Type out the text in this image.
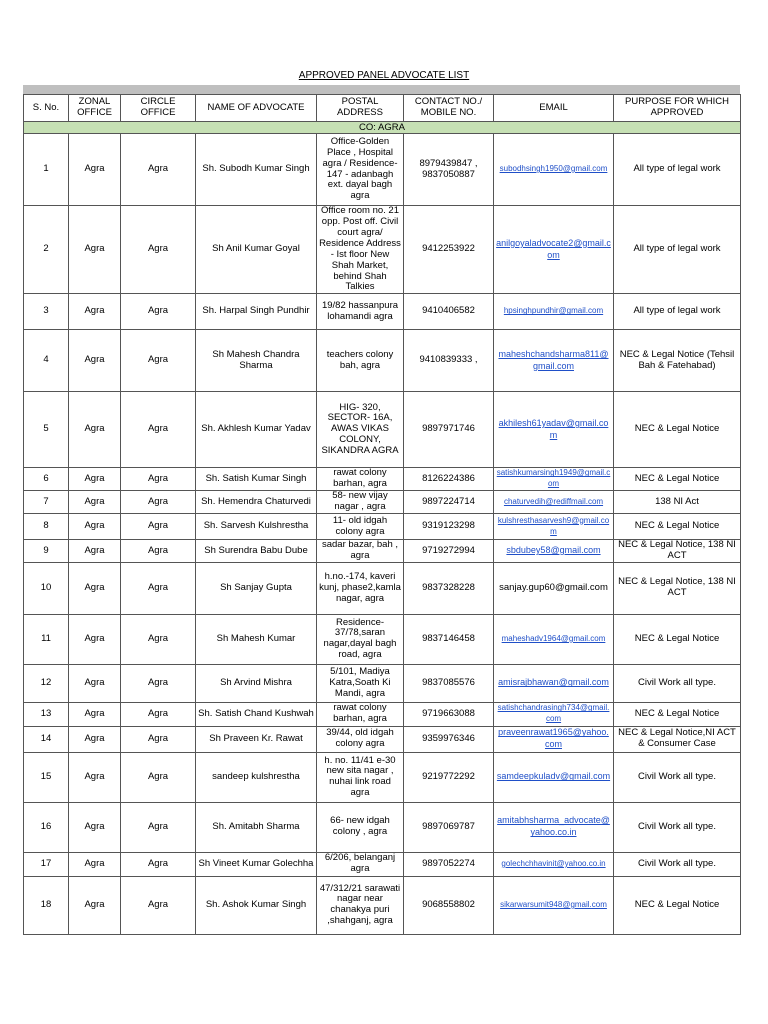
APPROVED PANEL ADVOCATE LIST
S. No.	ZONAL OFFICE	CIRCLE OFFICE	NAME OF ADVOCATE	POSTAL ADDRESS	CONTACT NO./ MOBILE NO.	EMAIL	PURPOSE FOR WHICH APPROVED
CO: AGRA							
1	Agra	Agra	Sh. Subodh Kumar Singh	Office-Golden Place , Hospital agra / Residence-147 - adanbagh ext. dayal bagh agra	8979439847 , 9837050887	subodhsingh1950@gmail.com	All type of legal work
2	Agra	Agra	Sh Anil Kumar Goyal	Office room no. 21 opp. Post off. Civil court agra/ Residence Address - Ist floor New Shah Market, behind Shah Talkies	9412253922	anilgoyaladvocate2@gmail.com	All type of legal work
3	Agra	Agra	Sh. Harpal Singh Pundhir	19/82 hassanpura lohamandi agra	9410406582	hpsinghpundhir@gmail.com	All type of legal work
4	Agra	Agra	Sh Mahesh Chandra Sharma	teachers colony bah, agra	9410839333 ,	maheshchandsharma811@gmail.com	NEC & Legal Notice (Tehsil Bah & Fatehabad)
5	Agra	Agra	Sh. Akhlesh Kumar Yadav	HIG- 320, SECTOR- 16A, AWAS VIKAS COLONY, SIKANDRA AGRA	9897971746	akhilesh61yadav@gmail.com	NEC & Legal Notice
6	Agra	Agra	Sh. Satish Kumar Singh	rawat colony barhan, agra	8126224386	satishkumarsingh1949@gmail.com	NEC & Legal Notice
7	Agra	Agra	Sh. Hemendra Chaturvedi	58- new vijay nagar , agra	9897224714	chaturvedih@rediffmail.com	138 NI Act
8	Agra	Agra	Sh. Sarvesh Kulshrestha	11- old idgah colony agra	9319123298	kulshresthasarvesh9@gmail.com	NEC & Legal Notice
9	Agra	Agra	Sh Surendra Babu Dube	sadar bazar, bah , agra	9719272994	sbdubey58@gmail.com	NEC & Legal Notice, 138 NI ACT
10	Agra	Agra	Sh Sanjay Gupta	h.no.-174, kaveri kunj, phase2,kamla nagar, agra	9837328228	sanjay.gup60@gmail.com	NEC & Legal Notice, 138 NI ACT
11	Agra	Agra	Sh Mahesh Kumar	Residence-37/78,saran nagar,dayal bagh road, agra	9837146458	maheshadv1964@gmail.com	NEC & Legal Notice
12	Agra	Agra	Sh Arvind Mishra	5/101, Madiya Katra,Soath Ki Mandi, agra	9837085576	amisrajbhawan@gmail.com	Civil Work all type.
13	Agra	Agra	Sh. Satish Chand Kushwah	rawat colony barhan, agra	9719663088	satishchandrasingh734@gmail.com	NEC & Legal Notice
14	Agra	Agra	Sh Praveen Kr. Rawat	39/44, old idgah colony agra	9359976346	praveenrawat1965@yahoo.com	NEC & Legal Notice,NI ACT & Consumer Case
15	Agra	Agra	sandeep kulshrestha	h. no. 11/41 e-30 new sita nagar , nuhai link road agra	9219772292	samdeepkuladv@gmail.com	Civil Work all type.
16	Agra	Agra	Sh. Amitabh Sharma	66- new idgah colony , agra	9897069787	amitabhsharma_advocate@yahoo.co.in	Civil Work all type.
17	Agra	Agra	Sh Vineet Kumar Golechha	6/206, belanganj agra	9897052274	golechchhavinit@yahoo.co.in	Civil Work all type.
18	Agra	Agra	Sh. Ashok Kumar Singh	47/312/21 sarawati nagar near chanakya puri ,shahganj, agra	9068558802	sikarwarsumit948@gmail.com	NEC & Legal Notice
